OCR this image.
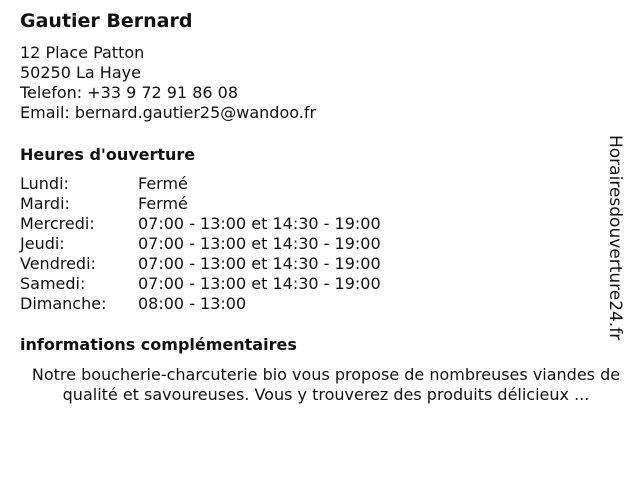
Gautier Bernard
12 Place Patton
50250 La Haye
Telefon: +33 9 72 91 86 08
Email: bernard.gautier25@wandoo.fr
Heures d'ouverture
Lundi:	Fermé
Mardi:	Fermé
Mercredi:	07:00 - 13:00 et 14:30 - 19:00
Jeudi:	07:00 - 13:00 et 14:30 - 19:00
Vendredi:	07:00 - 13:00 et 14:30 - 19:00
Samedi:	07:00 - 13:00 et 14:30 - 19:00
Dimanche: 08:00 - 13:00
informations complémentaires

Notre boucherie-charcuterie bio vous propose de nombreuses viandes de qualité et savoureuses. Vous y trouverez des produits délicieux ...

Horairesdouverture24.fr
